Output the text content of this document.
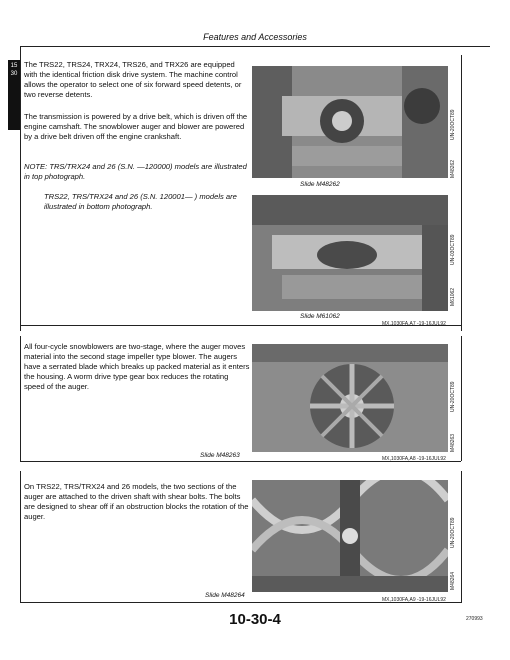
Features and Accessories
15
30
The TRS22, TRS24, TRX24, TRS26, and TRX26 are equipped with the identical friction disk drive system. The machine control allows the operator to select one of six forward speed detents, or two reverse detents.
The transmission is powered by a drive belt, which is driven off the engine camshaft. The snowblower auger and blower are powered by a drive belt driven off the engine crankshaft.
NOTE: TRS/TRX24 and 26 (S.N. —120000) models are illustrated in top photograph.
TRS22, TRS/TRX24 and 26 (S.N. 120001— ) models are illustrated in bottom photograph.
UN-20OCT89
M48262
Slide M48262
UN-03OCT89
M61062
Slide M61062
MX,1030FA,A7 -19-16JUL92
All four-cycle snowblowers are two-stage, where the auger moves material into the second stage impeller type blower. The augers have a serrated blade which breaks up packed material as it enters the housing. A worm drive type gear box reduces the rotating speed of the auger.	UN-20OCT89
M48263
Slide M48263	MX,1030FA,A8 -19-16JUL92
On TRS22, TRS/TRX24 and 26 models, the two sections of the auger are attached to the driven shaft with shear bolts. The bolts are designed to shear off if an obstruction blocks the rotation of the auger.
UN-20OCT89
M48264
Slide M48264
MX,1030FA,A9 -19-16JUL92
10-30-4	270993
